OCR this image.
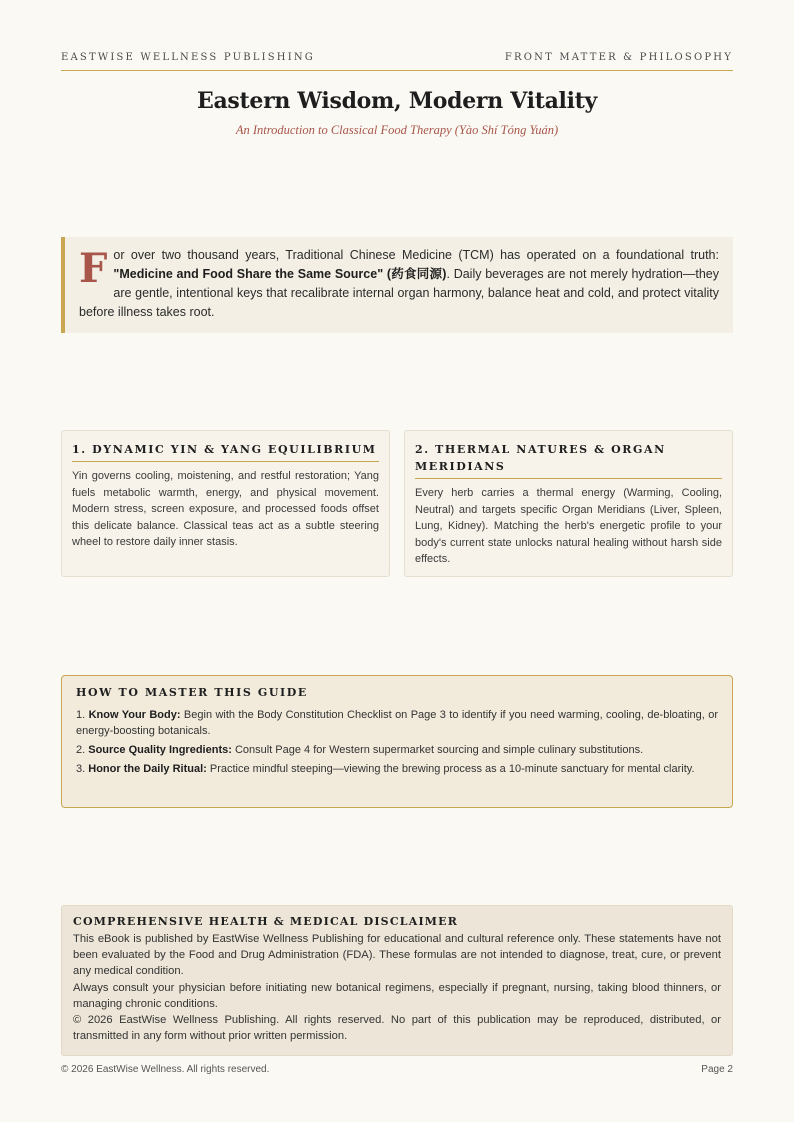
EASTWISE WELLNESS PUBLISHING	FRONT MATTER & PHILOSOPHY
Eastern Wisdom, Modern Vitality
An Introduction to Classical Food Therapy (Yào Shí Tóng Yuán)
For over two thousand years, Traditional Chinese Medicine (TCM) has operated on a foundational truth: "Medicine and Food Share the Same Source" (药食同源). Daily beverages are not merely hydration—they are gentle, intentional keys that recalibrate internal organ harmony, balance heat and cold, and protect vitality before illness takes root.
1. DYNAMIC YIN & YANG EQUILIBRIUM
Yin governs cooling, moistening, and restful restoration; Yang fuels metabolic warmth, energy, and physical movement. Modern stress, screen exposure, and processed foods offset this delicate balance. Classical teas act as a subtle steering wheel to restore daily inner stasis.
2. THERMAL NATURES & ORGAN MERIDIANS
Every herb carries a thermal energy (Warming, Cooling, Neutral) and targets specific Organ Meridians (Liver, Spleen, Lung, Kidney). Matching the herb's energetic profile to your body's current state unlocks natural healing without harsh side effects.
HOW TO MASTER THIS GUIDE
1. Know Your Body: Begin with the Body Constitution Checklist on Page 3 to identify if you need warming, cooling, de-bloating, or energy-boosting botanicals.
2. Source Quality Ingredients: Consult Page 4 for Western supermarket sourcing and simple culinary substitutions.
3. Honor the Daily Ritual: Practice mindful steeping—viewing the brewing process as a 10-minute sanctuary for mental clarity.
COMPREHENSIVE HEALTH & MEDICAL DISCLAIMER

This eBook is published by EastWise Wellness Publishing for educational and cultural reference only. These statements have not been evaluated by the Food and Drug Administration (FDA). These formulas are not intended to diagnose, treat, cure, or prevent any medical condition.

Always consult your physician before initiating new botanical regimens, especially if pregnant, nursing, taking blood thinners, or managing chronic conditions.

© 2026 EastWise Wellness Publishing. All rights reserved. No part of this publication may be reproduced, distributed, or transmitted in any form without prior written permission.

© 2026 EastWise Wellness. All rights reserved.	Page 2
